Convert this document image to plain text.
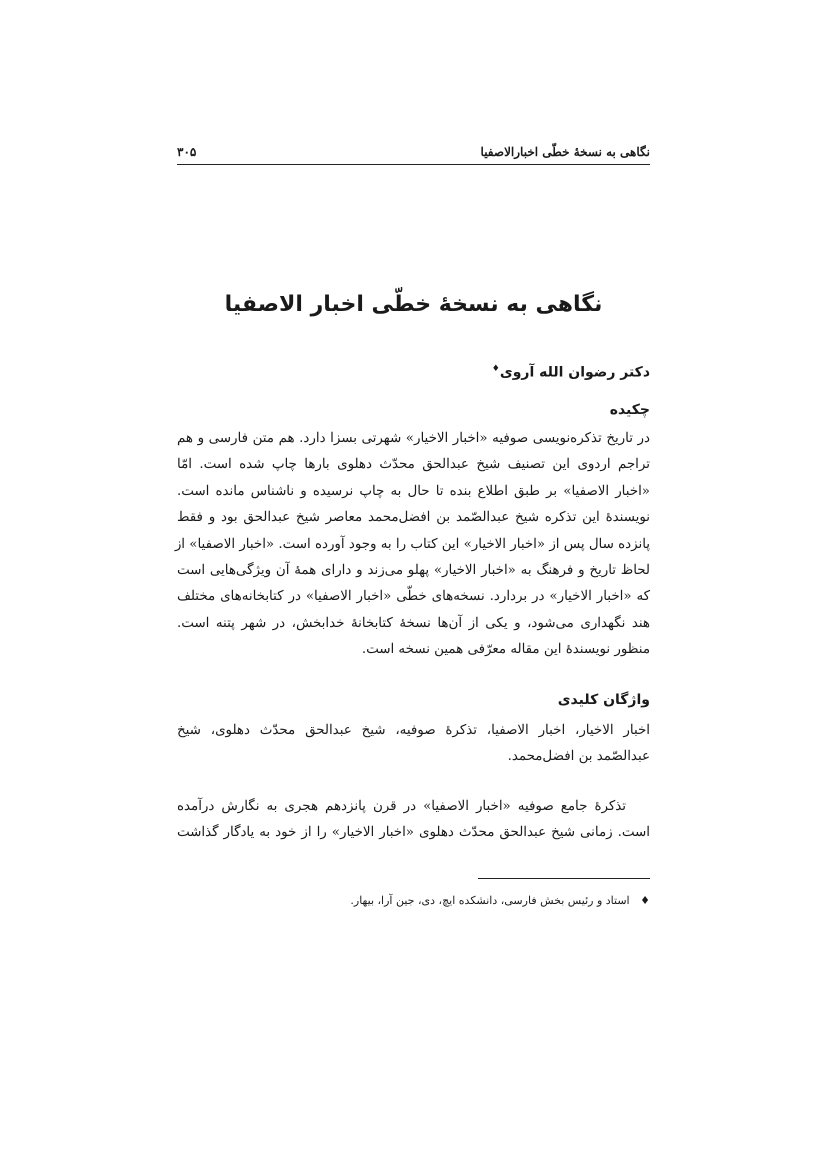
نگاهی به نسخهٔ خطّی اخبارالاصفیا
۳۰۵
نگاهی به نسخهٔ خطّی اخبار الاصفیا
دکتر رضوان الله آروی♦
چکیده
در تاریخ تذکره‌نویسی صوفیه «اخبار الاخیار» شهرتی بسزا دارد. هم متن فارسی و هم
تراجم اردوی این تصنیف شیخ عبدالحق محدّث دهلوی بارها چاپ شده است. امّا
«اخبار الاصفیا» بر طبق اطلاع بنده تا حال به چاپ نرسیده و ناشناس مانده است.
نویسندهٔ این تذکره شیخ عبدالصّمد بن افضل‌محمد معاصر شیخ عبدالحق بود و فقط
پانزده سال پس از «اخبار الاخیار» این کتاب را به وجود آورده است. «اخبار الاصفیا» از
لحاظ تاریخ و فرهنگ به «اخبار الاخیار» پهلو می‌زند و دارای همهٔ آن ویژگی‌هایی است
که «اخبار الاخیار» در بردارد. نسخه‌های خطّی «اخبار الاصفیا» در کتابخانه‌های مختلف
هند نگهداری می‌شود، و یکی از آن‌ها نسخهٔ کتابخانهٔ خدابخش، در شهر پتنه است.
منظور نویسندهٔ این مقاله معرّفی همین نسخه است.
واژگان کلیدی
اخبار الاخیار، اخبار الاصفیا، تذکرهٔ صوفیه، شیخ عبدالحق محدّث دهلوی، شیخ
عبدالصّمد بن افضل‌محمد.
تذکرهٔ جامع صوفیه «اخبار الاصفیا» در قرن پانزدهم هجری به نگارش درآمده
است. زمانی شیخ عبدالحق محدّث دهلوی «اخبار الاخیار» را از خود به یادگار گذاشت
♦   استاد و رئیس بخش فارسی، دانشکده ایچ، دی، جین آرا، بیهار.
